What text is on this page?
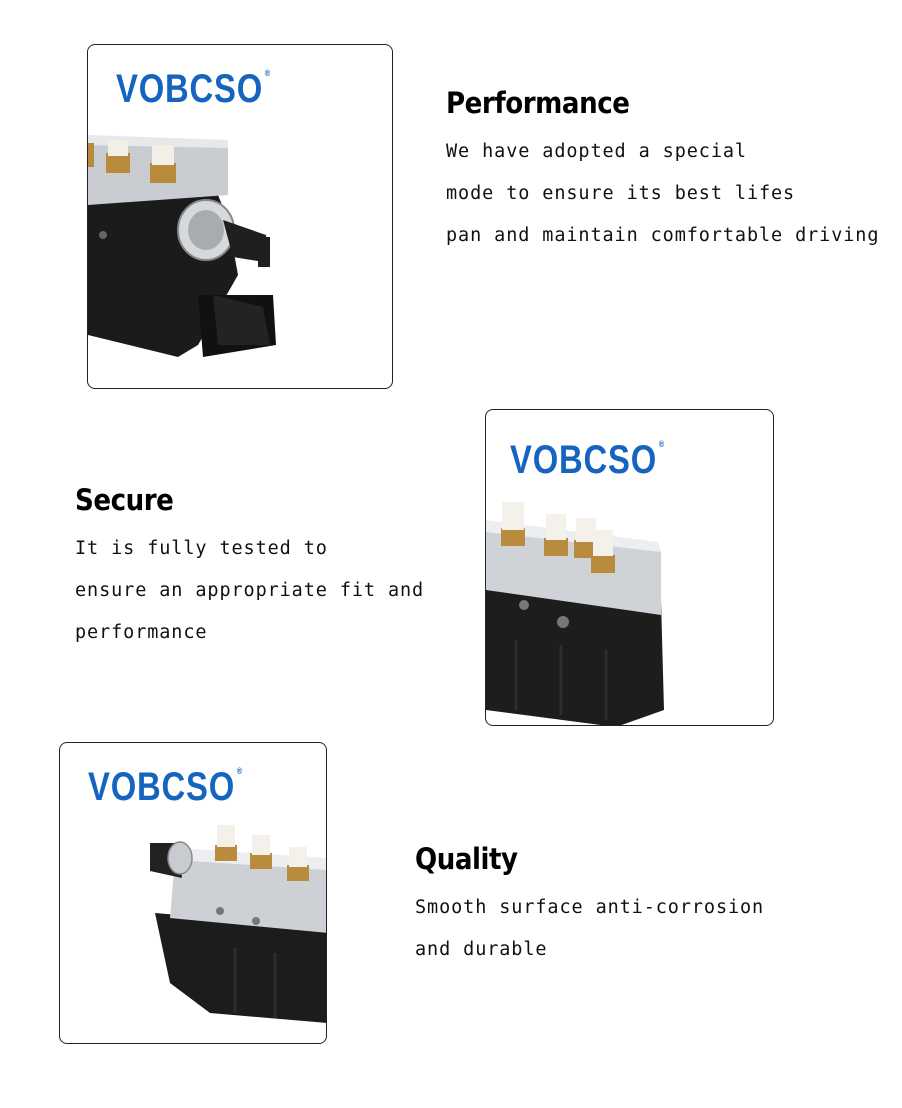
VOBCSO ®
Performance
We have adopted a special
mode to ensure its best lifes
pan and maintain comfortable driving
VOBCSO ®
Secure
It is fully tested to
ensure an appropriate fit and
performance
VOBCSO ®
Quality
Smooth surface anti-corrosion
and durable
